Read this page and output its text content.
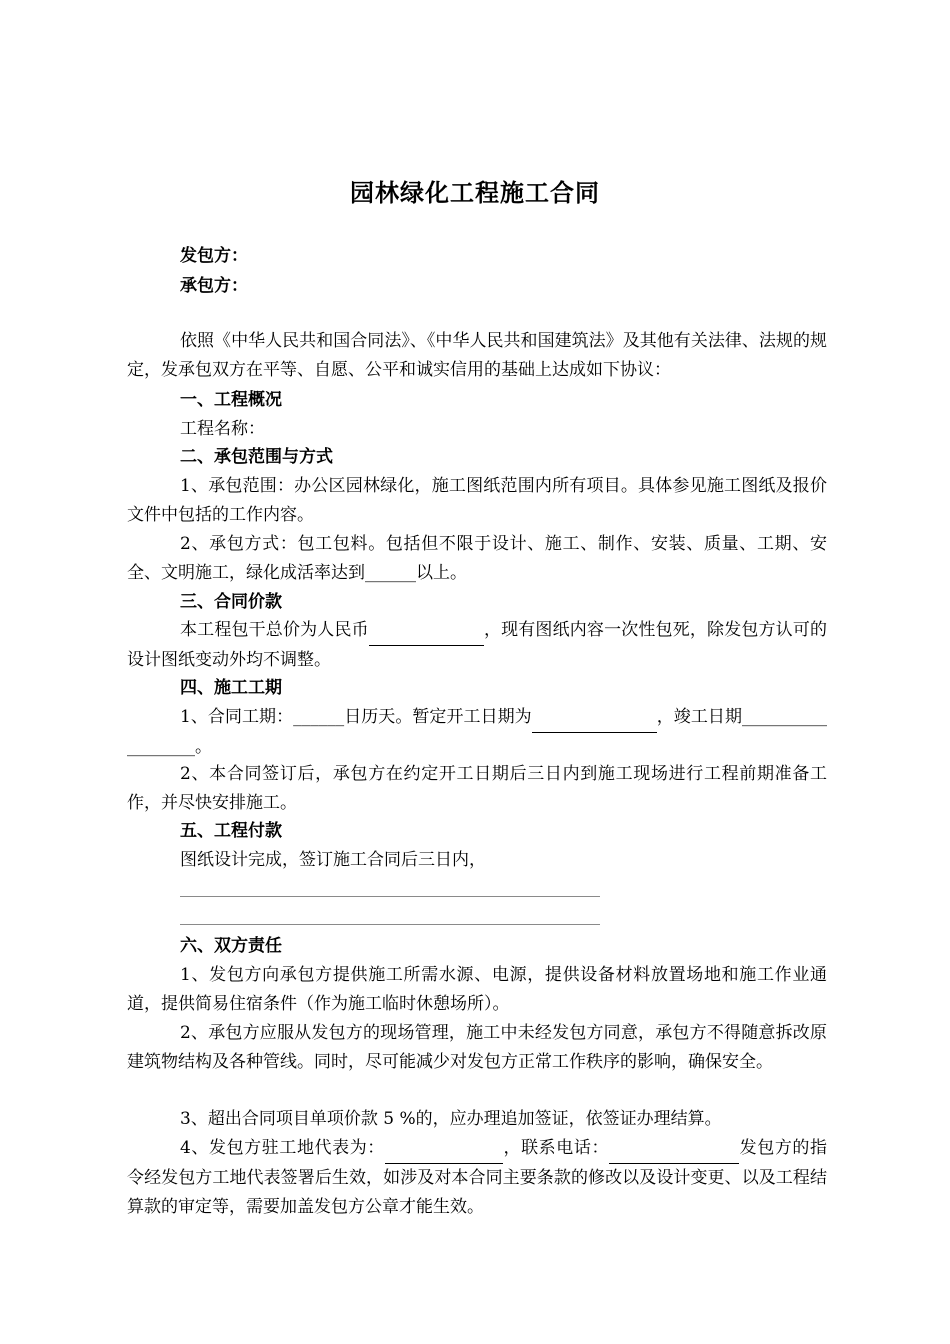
园林绿化工程施工合同
发包方：
承包方：
依照《中华人民共和国合同法》、《中华人民共和国建筑法》及其他有关法律、法规的规定，发承包双方在平等、自愿、公平和诚实信用的基础上达成如下协议：
一、工程概况
工程名称：
二、承包范围与方式
1、承包范围：办公区园林绿化，施工图纸范围内所有项目。具体参见施工图纸及报价文件中包括的工作内容。
2、承包方式：包工包料。包括但不限于设计、施工、制作、安装、质量、工期、安全、文明施工，绿化成活率达到______以上。
三、合同价款
本工程包干总价为人民币	，现有图纸内容一次性包死，除发包方认可的设计图纸变动外均不调整。
四、施工工期
1、合同工期：______日历天。暂定开工日期为	，竣工日期__________________。
2、本合同签订后，承包方在约定开工日期后三日内到施工现场进行工程前期准备工作，并尽快安排施工。
五、工程付款
图纸设计完成，签订施工合同后三日内，
六、双方责任
1、发包方向承包方提供施工所需水源、电源，提供设备材料放置场地和施工作业通道，提供简易住宿条件（作为施工临时休憩场所）。
2、承包方应服从发包方的现场管理，施工中未经发包方同意，承包方不得随意拆改原建筑物结构及各种管线。同时，尽可能减少对发包方正常工作秩序的影响，确保安全。
3、超出合同项目单项价款 5 %的，应办理追加签证，依签证办理结算。
4、发包方驻工地代表为：	，联系电话：	发包方的指令经发包方工地代表签署后生效，如涉及对本合同主要条款的修改以及设计变更、以及工程结算款的审定等，需要加盖发包方公章才能生效。
